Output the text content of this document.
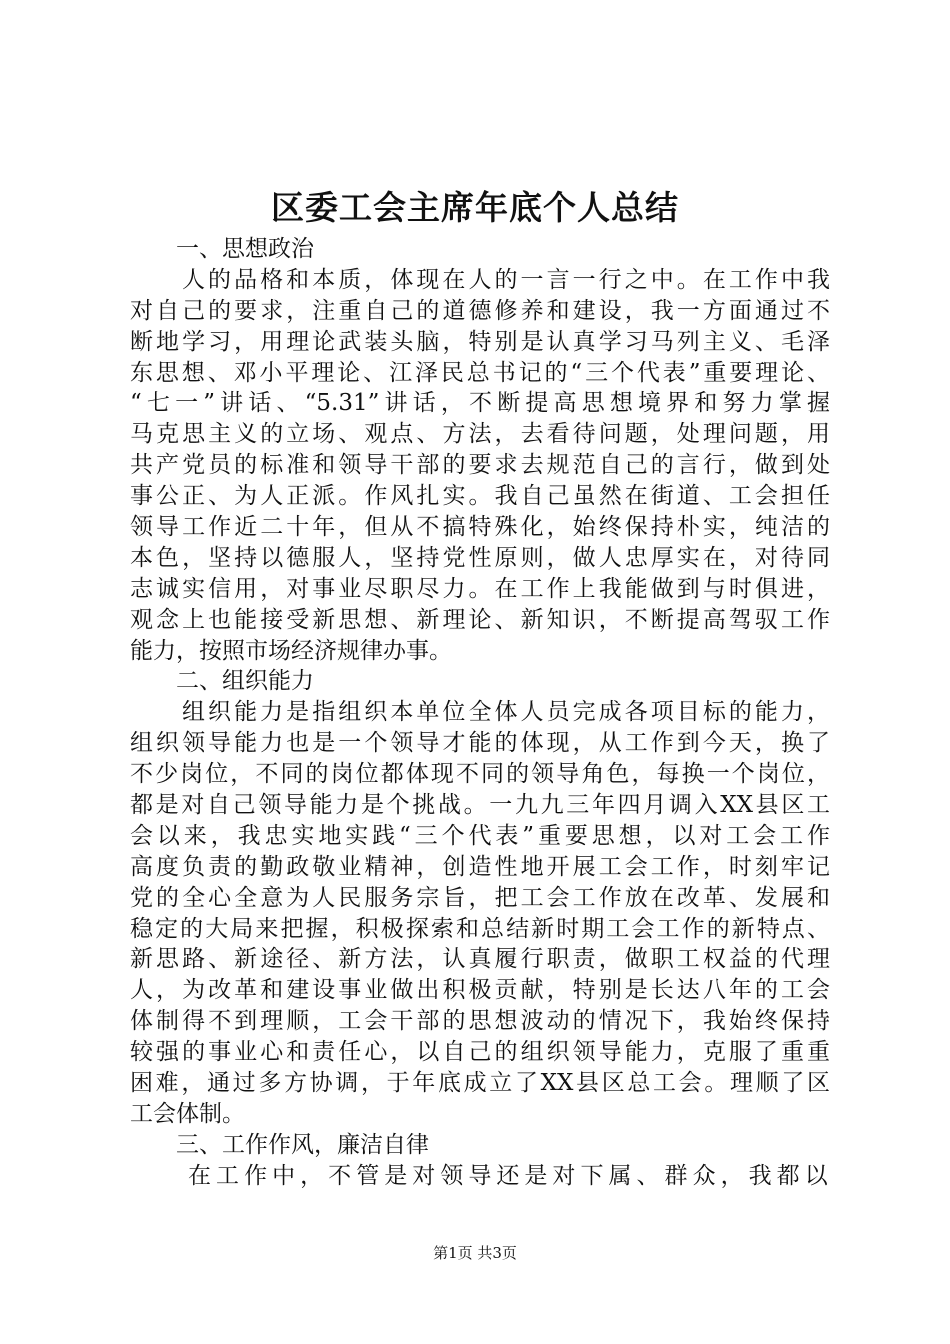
区委工会主席年底个人总结
一、思想政治
人的品格和本质，体现在人的一言一行之中。在工作中我
对自己的要求，注重自己的道德修养和建设，我一方面通过不
断地学习，用理论武装头脑，特别是认真学习马列主义、毛泽
东思想、邓小平理论、江泽民总书记的“三个代表”重要理论、
“七一”讲话、“5.31”讲话，不断提高思想境界和努力掌握
马克思主义的立场、观点、方法，去看待问题，处理问题，用
共产党员的标准和领导干部的要求去规范自己的言行，做到处
事公正、为人正派。作风扎实。我自己虽然在街道、工会担任
领导工作近二十年，但从不搞特殊化，始终保持朴实，纯洁的
本色，坚持以德服人，坚持党性原则，做人忠厚实在，对待同
志诚实信用，对事业尽职尽力。在工作上我能做到与时俱进，
观念上也能接受新思想、新理论、新知识，不断提高驾驭工作
能力，按照市场经济规律办事。
二、组织能力
组织能力是指组织本单位全体人员完成各项目标的能力，
组织领导能力也是一个领导才能的体现，从工作到今天，换了
不少岗位，不同的岗位都体现不同的领导角色，每换一个岗位，
都是对自己领导能力是个挑战。一九九三年四月调入XX县区工
会以来，我忠实地实践“三个代表”重要思想，以对工会工作
高度负责的勤政敬业精神，创造性地开展工会工作，时刻牢记
党的全心全意为人民服务宗旨，把工会工作放在改革、发展和
稳定的大局来把握，积极探索和总结新时期工会工作的新特点、
新思路、新途径、新方法，认真履行职责，做职工权益的代理
人，为改革和建设事业做出积极贡献，特别是长达八年的工会
体制得不到理顺，工会干部的思想波动的情况下，我始终保持
较强的事业心和责任心，以自己的组织领导能力，克服了重重
困难，通过多方协调，于年底成立了XX县区总工会。理顺了区
工会体制。
三、工作作风，廉洁自律
在工作中，不管是对领导还是对下属、群众，我都以
第1页 共3页
